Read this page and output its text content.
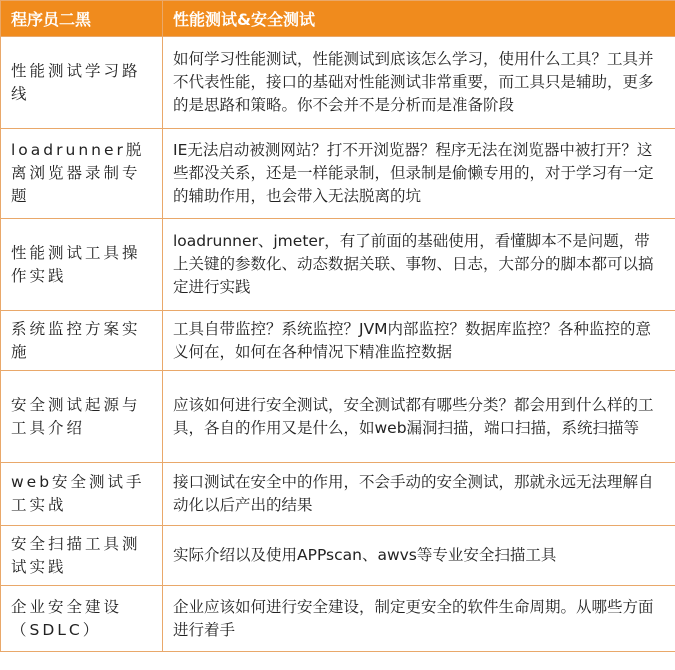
程序员二黑	性能测试&安全测试
性能测试学习路线	如何学习性能测试，性能测试到底该怎么学习，使用什么工具？工具并不代表性能，接口的基础对性能测试非常重要，而工具只是辅助，更多的是思路和策略。你不会并不是分析而是准备阶段
loadrunner脱离浏览器录制专题	IE无法启动被测网站？打不开浏览器？程序无法在浏览器中被打开？这些都没关系，还是一样能录制，但录制是偷懒专用的，对于学习有一定的辅助作用，也会带入无法脱离的坑
性能测试工具操作实践	loadrunner、jmeter，有了前面的基础使用，看懂脚本不是问题，带上关键的参数化、动态数据关联、事物、日志，大部分的脚本都可以搞定进行实践
系统监控方案实施	工具自带监控？系统监控？JVM内部监控？数据库监控？各种监控的意义何在，如何在各种情况下精准监控数据
安全测试起源与工具介绍	应该如何进行安全测试，安全测试都有哪些分类？都会用到什么样的工具，各自的作用又是什么，如web漏洞扫描，端口扫描，系统扫描等
web安全测试手工实战	接口测试在安全中的作用，不会手动的安全测试，那就永远无法理解自动化以后产出的结果
安全扫描工具测试实践	实际介绍以及使用APPscan、awvs等专业安全扫描工具
企业安全建设（SDLC）	企业应该如何进行安全建设，制定更安全的软件生命周期。从哪些方面进行着手
